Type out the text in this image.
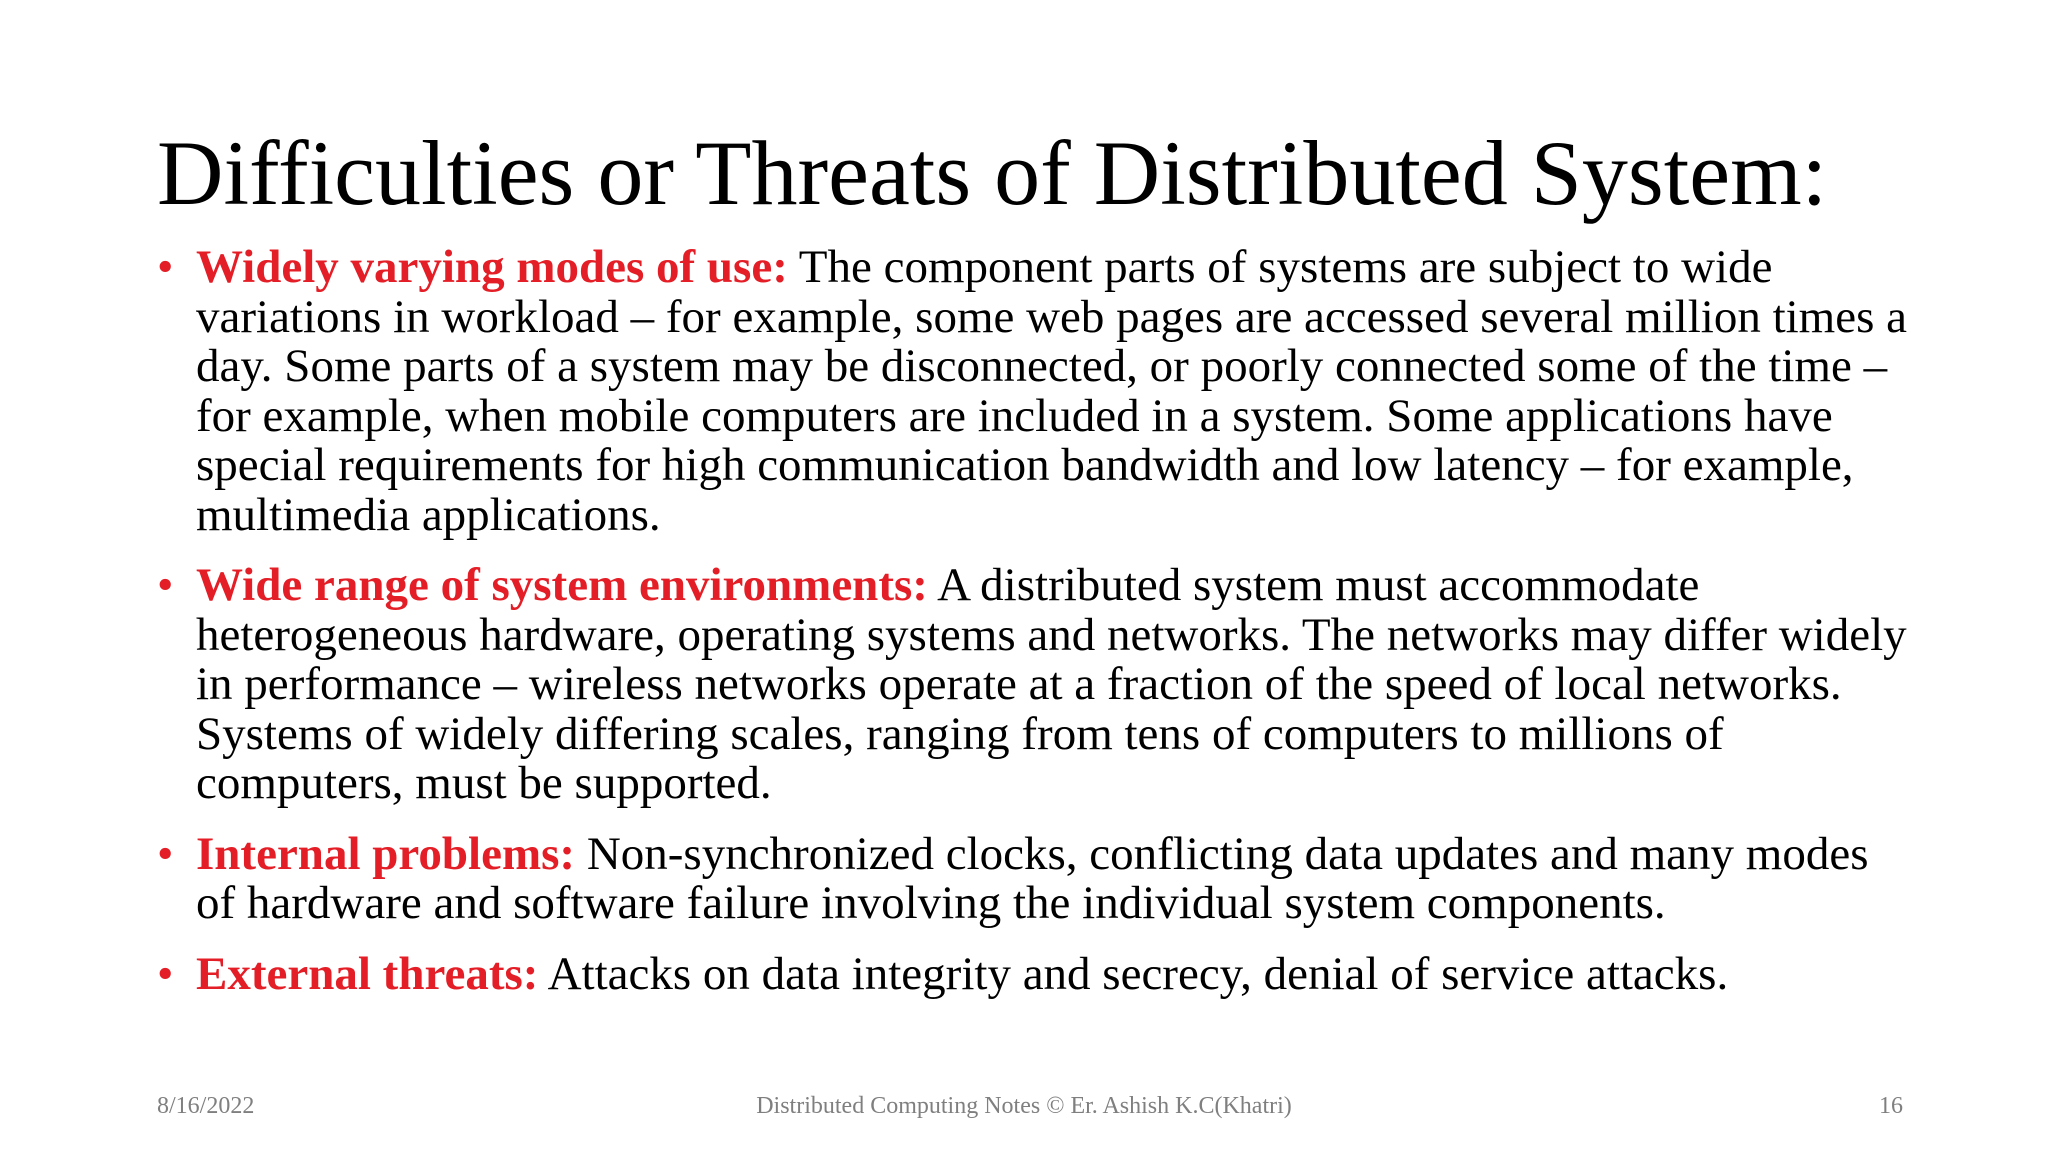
Difficulties or Threats of Distributed System:
• Widely varying modes of use: The component parts of systems are subject to wide variations in workload – for example, some web pages are accessed several million times a day. Some parts of a system may be disconnected, or poorly connected some of the time – for example, when mobile computers are included in a system. Some applications have special requirements for high communication bandwidth and low latency – for example, multimedia applications.
• Wide range of system environments: A distributed system must accommodate heterogeneous hardware, operating systems and networks. The networks may differ widely in performance – wireless networks operate at a fraction of the speed of local networks. Systems of widely differing scales, ranging from tens of computers to millions of computers, must be supported.
• Internal problems: Non-synchronized clocks, conflicting data updates and many modes of hardware and software failure involving the individual system components.
• External threats: Attacks on data integrity and secrecy, denial of service attacks.
8/16/2022	Distributed Computing Notes © Er. Ashish K.C(Khatri)	16
